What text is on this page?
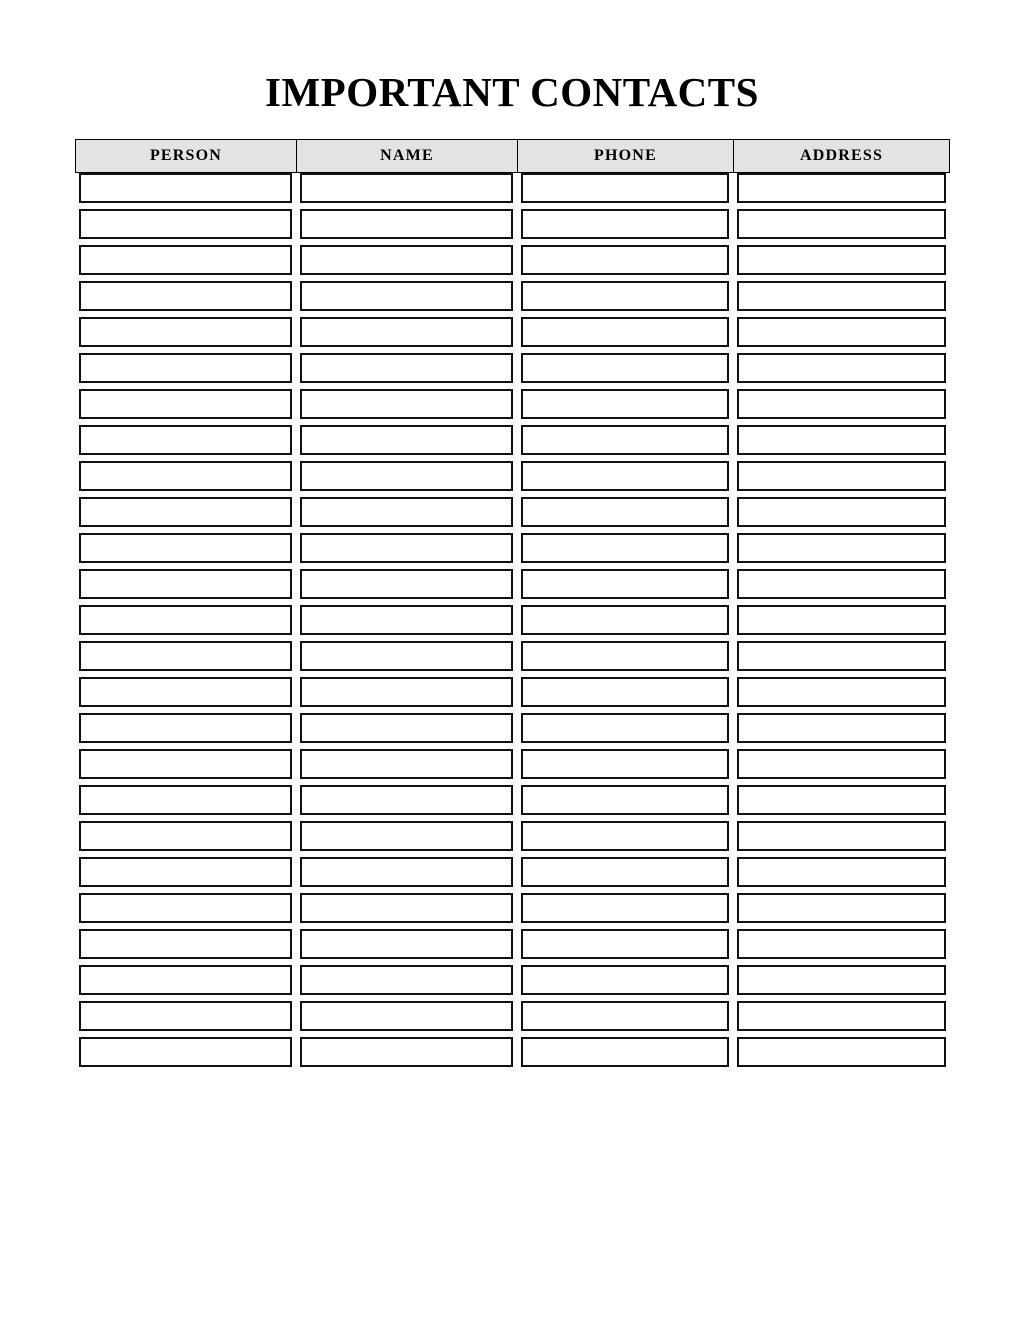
IMPORTANT CONTACTS
PERSON	NAME	PHONE	ADDRESS
